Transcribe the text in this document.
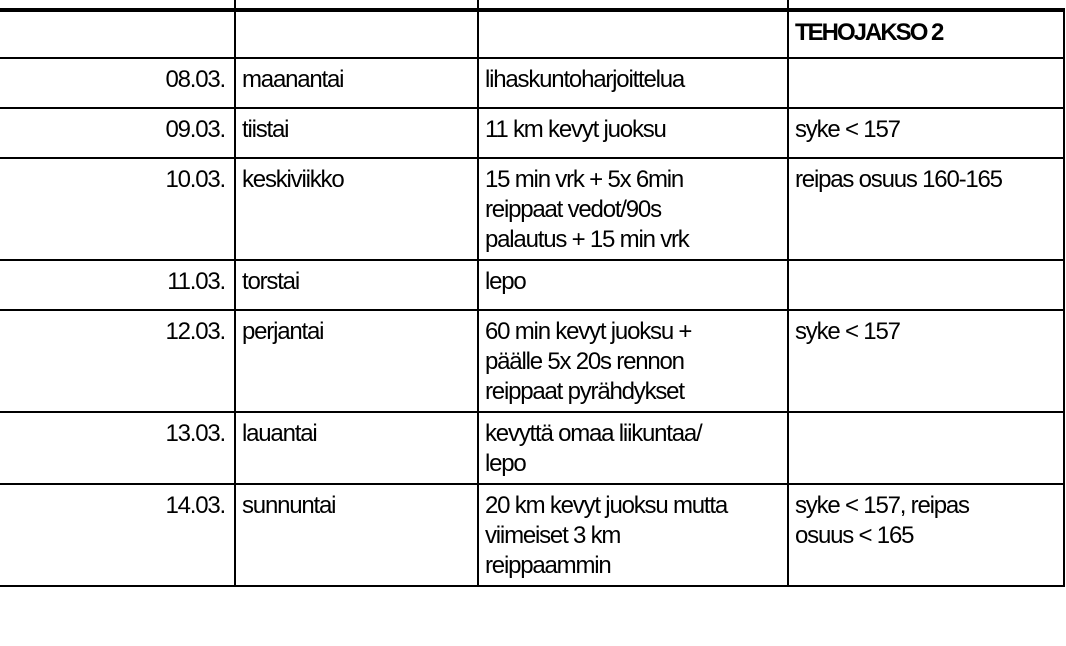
			TEHOJAKSO 2
08.03.	maanantai	lihaskuntoharjoittelua	

09.03.	tiistai	11 km kevyt juoksu	syke < 157

10.03.	keskiviikko	15 min vrk + 5x 6min
reippaat vedot/90s
palautus + 15 min vrk	reipas osuus 160-165

11.03.	torstai	lepo	

12.03.	perjantai	60 min kevyt juoksu +
päälle 5x 20s rennon
reippaat pyrähdykset	syke < 157

13.03.	lauantai	kevyttä omaa liikuntaa/
lepo	

14.03.	sunnuntai	20 km kevyt juoksu mutta
viimeiset 3 km
reippaammin	syke < 157, reipas
osuus < 165
